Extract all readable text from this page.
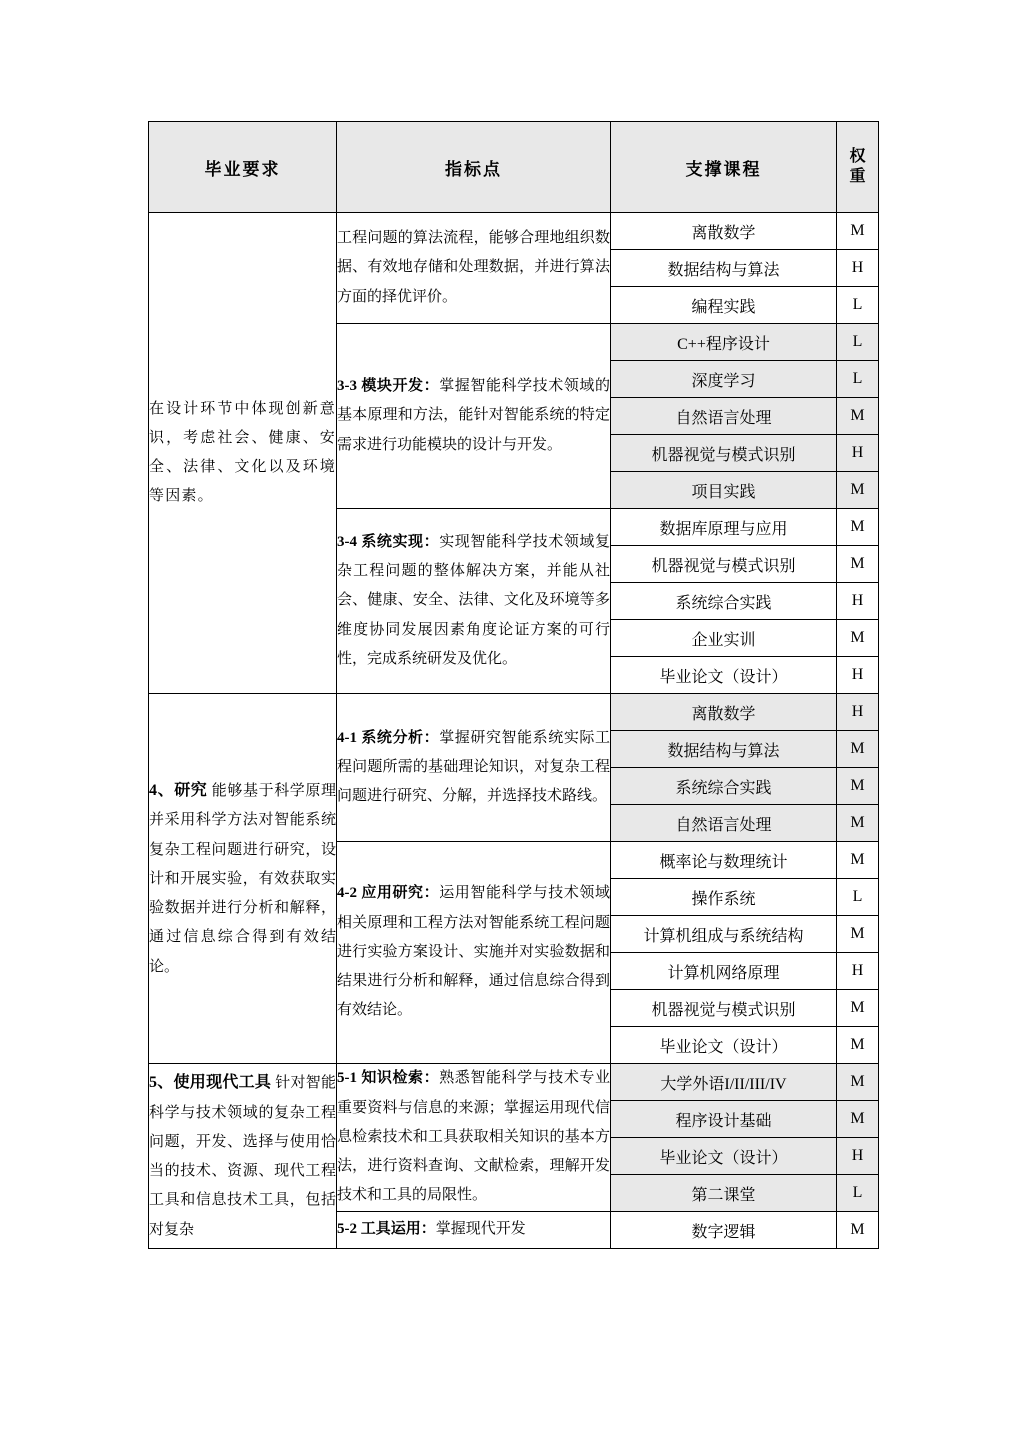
毕业要求	指标点	支撑课程	权
重
在设计环节中体现创新意识，考虑社会、健康、安全、法律、文化以及环境等因素。	工程问题的算法流程，能够合理地组织数据、有效地存储和处理数据，并进行算法方面的择优评价。	离散数学	M
		数据结构与算法	H
		编程实践	L
	3-3 模块开发：掌握智能科学技术领域的基本原理和方法，能针对智能系统的特定需求进行功能模块的设计与开发。	C++程序设计	L
		深度学习	L
		自然语言处理	M
		机器视觉与模式识别	H
		项目实践	M
	3-4 系统实现：实现智能科学技术领域复杂工程问题的整体解决方案，并能从社会、健康、安全、法律、文化及环境等多维度协同发展因素角度论证方案的可行性，完成系统研发及优化。	数据库原理与应用	M
		机器视觉与模式识别	M
		系统综合实践	H
		企业实训	M
		毕业论文（设计）	H
4、研究 能够基于科学原理并采用科学方法对智能系统复杂工程问题进行研究，设计和开展实验，有效获取实验数据并进行分析和解释，通过信息综合得到有效结论。	4-1 系统分析：掌握研究智能系统实际工程问题所需的基础理论知识，对复杂工程问题进行研究、分解，并选择技术路线。	离散数学	H
		数据结构与算法	M
		系统综合实践	M
		自然语言处理	M
	4-2 应用研究：运用智能科学与技术领域相关原理和工程方法对智能系统工程问题进行实验方案设计、实施并对实验数据和结果进行分析和解释，通过信息综合得到有效结论。	概率论与数理统计	M
		操作系统	L
		计算机组成与系统结构	M
		计算机网络原理	H
		机器视觉与模式识别	M
		毕业论文（设计）	M
5、使用现代工具 针对智能科学与技术领域的复杂工程问题，开发、选择与使用恰当的技术、资源、现代工程工具和信息技术工具，包括对复杂	5-1 知识检索：熟悉智能科学与技术专业重要资料与信息的来源；掌握运用现代信息检索技术和工具获取相关知识的基本方法，进行资料查询、文献检索，理解开发技术和工具的局限性。	大学外语I/II/III/IV	M
		程序设计基础	M
		毕业论文（设计）	H
		第二课堂	L
	5-2 工具运用：掌握现代开发	数字逻辑	M
